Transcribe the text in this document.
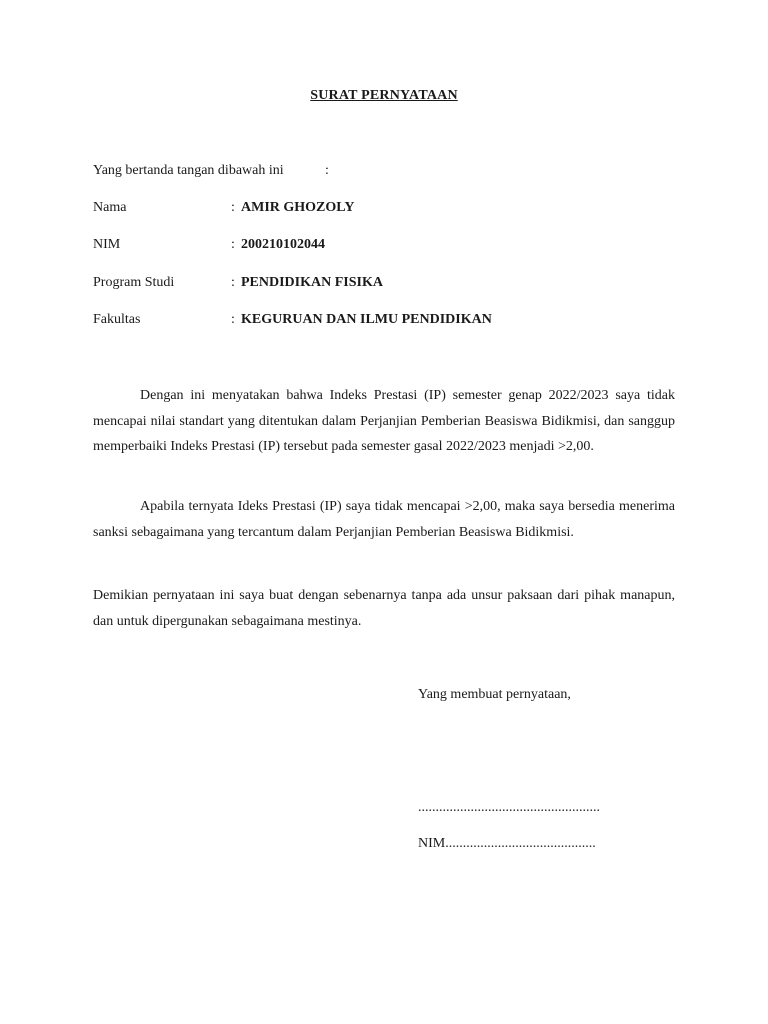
SURAT PERNYATAAN
Yang bertanda tangan dibawah ini	:
Nama	: AMIR GHOZOLY
NIM	: 200210102044
Program Studi	: PENDIDIKAN FISIKA
Fakultas	: KEGURUAN DAN ILMU PENDIDIKAN

Dengan ini menyatakan bahwa Indeks Prestasi (IP) semester genap 2022/2023 saya tidak mencapai nilai standart yang ditentukan dalam Perjanjian Pemberian Beasiswa Bidikmisi, dan sanggup memperbaiki Indeks Prestasi (IP) tersebut pada semester gasal 2022/2023 menjadi >2,00.

Apabila ternyata Ideks Prestasi (IP) saya tidak mencapai >2,00, maka saya bersedia menerima sanksi sebagaimana yang tercantum dalam Perjanjian Pemberian Beasiswa Bidikmisi.

Demikian pernyataan ini saya buat dengan sebenarnya tanpa ada unsur paksaan dari pihak manapun, dan untuk dipergunakan sebagaimana mestinya.

Yang membuat pernyataan,
....................................................
NIM...........................................
